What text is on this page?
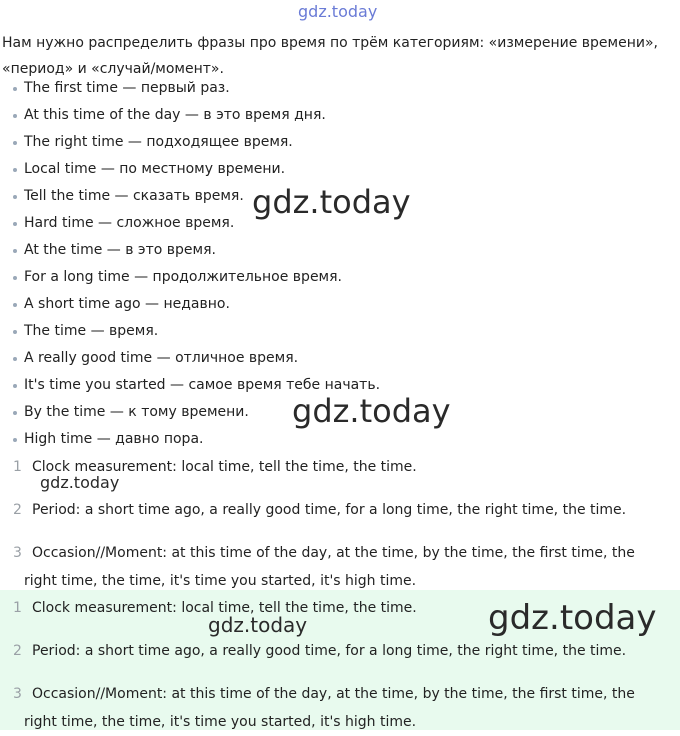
gdz.today

Нам нужно распределить фразы про время по трём категориям: «измерение времени», «период» и «случай/момент».

The first time — первый раз.
At this time of the day — в это время дня.
The right time — подходящее время.
Local time — по местному времени.
Tell the time — сказать время.
Hard time — сложное время.
At the time — в это время.
For a long time — продолжительное время.
A short time ago — недавно.
The time — время.
A really good time — отличное время.
It's time you started — самое время тебе начать.
By the time — к тому времени.
High time — давно пора.
1 Clock measurement: local time, tell the time, the time.
2 Period: a short time ago, a really good time, for a long time, the right time, the time.
3 Occasion//Moment: at this time of the day, at the time, by the time, the first time, the right time, the time, it's time you started, it's high time.
1 Clock measurement: local time, tell the time, the time.
2 Period: a short time ago, a really good time, for a long time, the right time, the time.
3 Occasion//Moment: at this time of the day, at the time, by the time, the first time, the right time, the time, it's time you started, it's high time.
gdz.today
gdz.today
gdz.today
gdz.today	gdz.today
